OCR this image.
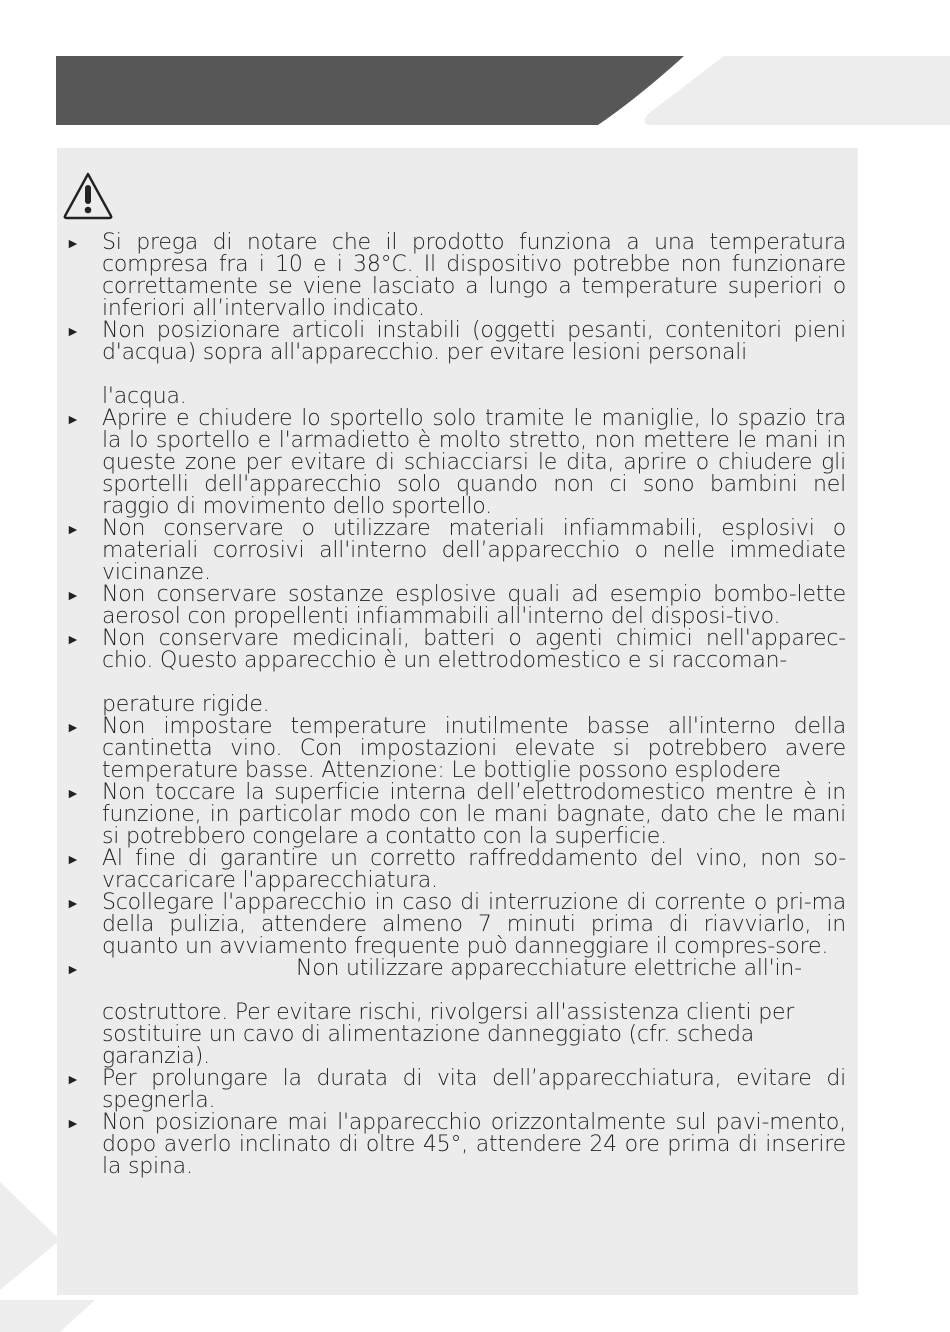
► Si prega di notare che il prodotto funziona a una temperatura compresa fra i 10 e i 38°C. Il dispositivo potrebbe non funzionare correttamente se viene lasciato a lungo a temperature superiori o inferiori all’intervallo indicato.
► Non posizionare articoli instabili (oggetti pesanti, contenitori pieni d'acqua) sopra all'apparecchio. per evitare lesioni personali
l'acqua.
► Aprire e chiudere lo sportello solo tramite le maniglie, lo spazio tra la lo sportello e l'armadietto è molto stretto, non mettere le mani in queste zone per evitare di schiacciarsi le dita, aprire o chiudere gli sportelli dell'apparecchio solo quando non ci sono bambini nel raggio di movimento dello sportello.
► Non conservare o utilizzare materiali infiammabili, esplosivi o materiali corrosivi all'interno dell’apparecchio o nelle immediate vicinanze.
► Non conservare sostanze esplosive quali ad esempio bombo-lette aerosol con propellenti infiammabili all'interno del disposi-tivo.
► Non conservare medicinali, batteri o agenti chimici nell'apparec-chio. Questo apparecchio è un elettrodomestico e si raccoman-
perature rigide.
► Non impostare temperature inutilmente basse all'interno della cantinetta vino. Con impostazioni elevate si potrebbero avere temperature basse. Attenzione: Le bottiglie possono esplodere
► Non toccare la superficie interna dell’elettrodomestico mentre è in funzione, in particolar modo con le mani bagnate, dato che le mani si potrebbero congelare a contatto con la superficie.
► Al fine di garantire un corretto raffreddamento del vino, non so-vraccaricare l'apparecchiatura.
► Scollegare l'apparecchio in caso di interruzione di corrente o pri-ma della pulizia, attendere almeno 7 minuti prima di riavviarlo, in quanto un avviamento frequente può danneggiare il compres-sore.
►	Non utilizzare apparecchiature elettriche all'in-
costruttore. Per evitare rischi, rivolgersi all'assistenza clienti per sostituire un cavo di alimentazione danneggiato (cfr. scheda garanzia).
► Per prolungare la durata di vita dell’apparecchiatura, evitare di spegnerla.
► Non posizionare mai l'apparecchio orizzontalmente sul pavi-mento, dopo averlo inclinato di oltre 45°, attendere 24 ore prima di inserire la spina.
